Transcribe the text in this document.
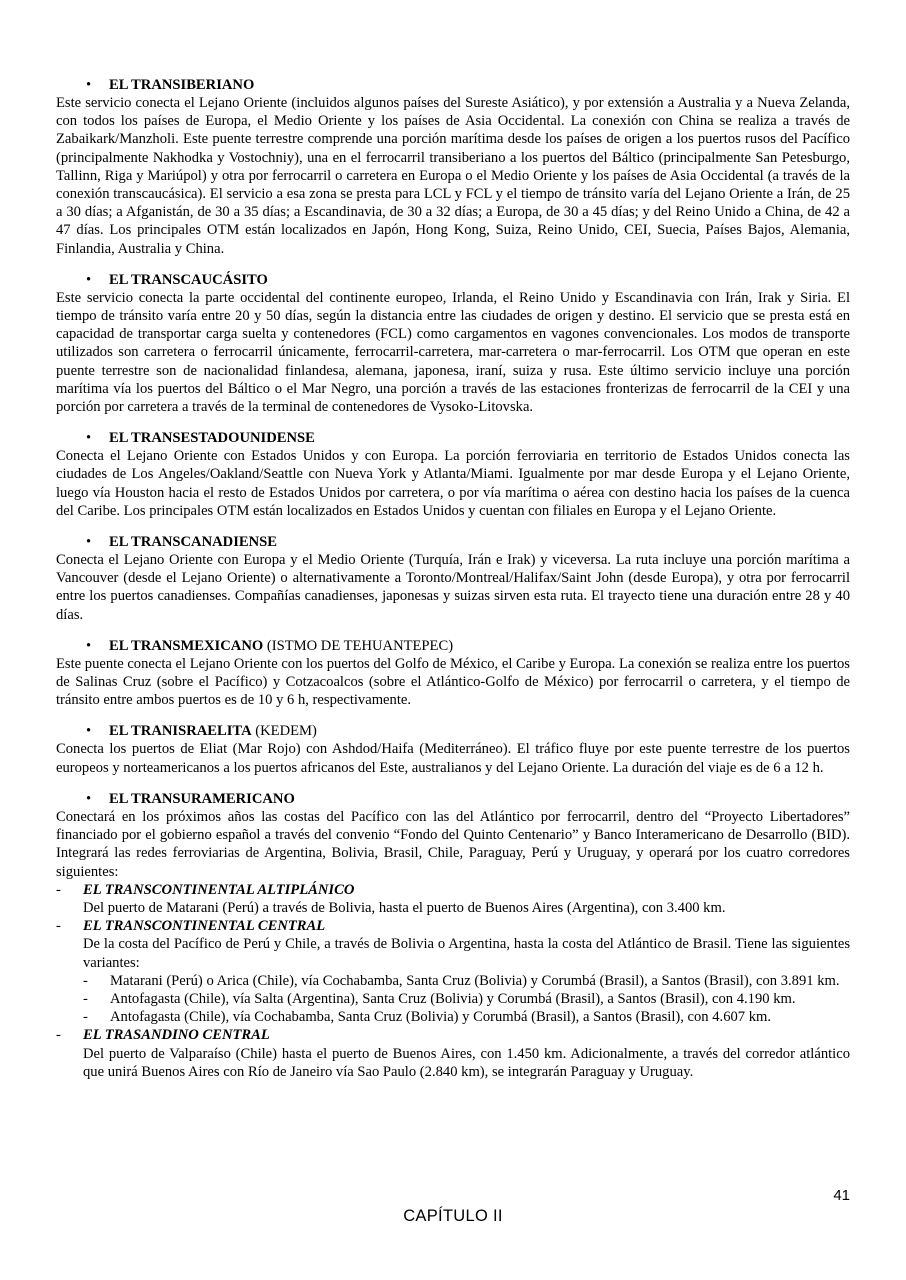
• EL TRANSIBERIANO

Este servicio conecta el Lejano Oriente (incluidos algunos países del Sureste Asiático), y por extensión a Australia y a Nueva Zelanda, con todos los países de Europa, el Medio Oriente y los países de Asia Occidental. La conexión con China se realiza a través de Zabaikark/Manzholi. Este puente terrestre comprende una porción marítima desde los países de origen a los puertos rusos del Pacífico (principalmente Nakhodka y Vostochniy), una en el ferrocarril transiberiano a los puertos del Báltico (principalmente San Petesburgo, Tallinn, Riga y Mariúpol) y otra por ferrocarril o carretera en Europa o el Medio Oriente y los países de Asia Occidental (a través de la conexión transcaucásica). El servicio a esa zona se presta para LCL y FCL y el tiempo de tránsito varía del Lejano Oriente a Irán, de 25 a 30 días; a Afganistán, de 30 a 35 días; a Escandinavia, de 30 a 32 días; a Europa, de 30 a 45 días; y del Reino Unido a China, de 42 a 47 días. Los principales OTM están localizados en Japón, Hong Kong, Suiza, Reino Unido, CEI, Suecia, Países Bajos, Alemania, Finlandia, Australia y China.

• EL TRANSCAUCÁSITO

Este servicio conecta la parte occidental del continente europeo, Irlanda, el Reino Unido y Escandinavia con Irán, Irak y Siria. El tiempo de tránsito varía entre 20 y 50 días, según la distancia entre las ciudades de origen y destino. El servicio que se presta está en capacidad de transportar carga suelta y contenedores (FCL) como cargamentos en vagones convencionales. Los modos de transporte utilizados son carretera o ferrocarril únicamente, ferrocarril-carretera, mar-carretera o mar-ferrocarril. Los OTM que operan en este puente terrestre son de nacionalidad finlandesa, alemana, japonesa, iraní, suiza y rusa. Este último servicio incluye una porción marítima vía los puertos del Báltico o el Mar Negro, una porción a través de las estaciones fronterizas de ferrocarril de la CEI y una porción por carretera a través de la terminal de contenedores de Vysoko-Litovska.

• EL TRANSESTADOUNIDENSE

Conecta el Lejano Oriente con Estados Unidos y con Europa. La porción ferroviaria en territorio de Estados Unidos conecta las ciudades de Los Angeles/Oakland/Seattle con Nueva York y Atlanta/Miami. Igualmente por mar desde Europa y el Lejano Oriente, luego vía Houston hacia el resto de Estados Unidos por carretera, o por vía marítima o aérea con destino hacia los países de la cuenca del Caribe. Los principales OTM están localizados en Estados Unidos y cuentan con filiales en Europa y el Lejano Oriente.

• EL TRANSCANADIENSE

Conecta el Lejano Oriente con Europa y el Medio Oriente (Turquía, Irán e Irak) y viceversa. La ruta incluye una porción marítima a Vancouver (desde el Lejano Oriente) o alternativamente a Toronto/Montreal/Halifax/Saint John (desde Europa), y otra por ferrocarril entre los puertos canadienses. Compañías canadienses, japonesas y suizas sirven esta ruta. El trayecto tiene una duración entre 28 y 40 días.

• EL TRANSMEXICANO (ISTMO DE TEHUANTEPEC)

Este puente conecta el Lejano Oriente con los puertos del Golfo de México, el Caribe y Europa. La conexión se realiza entre los puertos de Salinas Cruz (sobre el Pacífico) y Cotzacoalcos (sobre el Atlántico-Golfo de México) por ferrocarril o carretera, y el tiempo de tránsito entre ambos puertos es de 10 y 6 h, respectivamente.

• EL TRANISRAELITA (KEDEM)

Conecta los puertos de Eliat (Mar Rojo) con Ashdod/Haifa (Mediterráneo). El tráfico fluye por este puente terrestre de los puertos europeos y norteamericanos a los puertos africanos del Este, australianos y del Lejano Oriente. La duración del viaje es de 6 a 12 h.

• EL TRANSURAMERICANO

Conectará en los próximos años las costas del Pacífico con las del Atlántico por ferrocarril, dentro del “Proyecto Libertadores” financiado por el gobierno español a través del convenio “Fondo del Quinto Centenario” y Banco Interamericano de Desarrollo (BID). Integrará las redes ferroviarias de Argentina, Bolivia, Brasil, Chile, Paraguay, Perú y Uruguay, y operará por los cuatro corredores siguientes:

- EL TRANSCONTINENTAL ALTIPLÁNICO

Del puerto de Matarani (Perú) a través de Bolivia, hasta el puerto de Buenos Aires (Argentina), con 3.400 km.

- EL TRANSCONTINENTAL CENTRAL

De la costa del Pacífico de Perú y Chile, a través de Bolivia o Argentina, hasta la costa del Atlántico de Brasil. Tiene las siguientes variantes:

- Matarani (Perú) o Arica (Chile), vía Cochabamba, Santa Cruz (Bolivia) y Corumbá (Brasil), a Santos (Brasil), con 3.891 km.
- Antofagasta (Chile), vía Salta (Argentina), Santa Cruz (Bolivia) y Corumbá (Brasil), a Santos (Brasil), con 4.190 km.
- Antofagasta (Chile), vía Cochabamba, Santa Cruz (Bolivia) y Corumbá (Brasil), a Santos (Brasil), con 4.607 km.
- EL TRASANDINO CENTRAL

Del puerto de Valparaíso (Chile) hasta el puerto de Buenos Aires, con 1.450 km. Adicionalmente, a través del corredor atlántico que unirá Buenos Aires con Río de Janeiro vía Sao Paulo (2.840 km), se integrarán Paraguay y Uruguay.

41
CAPÍTULO II
